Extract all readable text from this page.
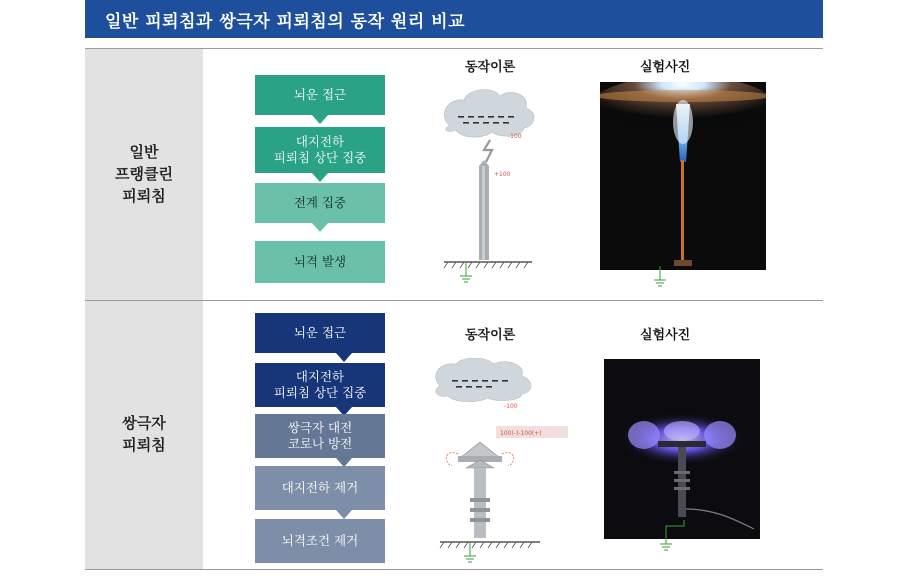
일반 피뢰침과 쌍극자 피뢰침의 동작 원리 비교
일반
프랭클린
피뢰침
뇌운 접근
대지전하
피뢰침 상단 집중
전계 집중
뇌격 발생
동작이론	실험사진
-100
+100
쌍극자
피뢰침
뇌운 접근
대지전하
피뢰침 상단 집중
쌍극자 대전
코로나 방전
대지전하 제거
뇌격조건 제거
동작이론	실험사진
-100
100(-)-100(+)
